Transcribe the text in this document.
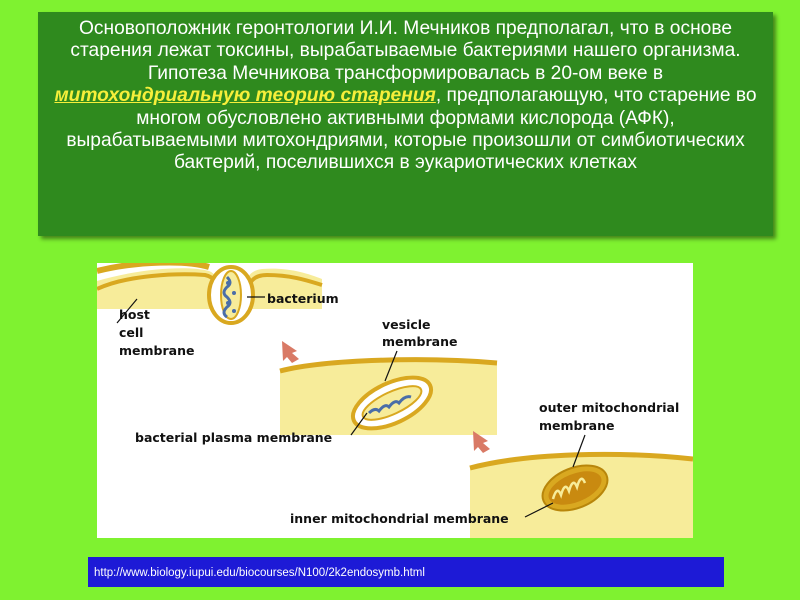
Основоположник геронтологии И.И. Мечников предполагал, что в основе старения лежат токсины, вырабатываемые бактериями нашего организма. Гипотеза Мечникова трансформировалась в 20-ом веке в митохондриальную теорию старения, предполагающую, что старение во многом обусловлено активными формами кислорода (АФК), вырабатываемыми митохондриями, которые произошли от симбиотических бактерий, поселившихся в эукариотических клетках
host
cell
membrane
bacterium
vesicle
membrane
bacterial plasma membrane
outer mitochondrial
membrane
inner mitochondrial membrane
http://www.biology.iupui.edu/biocourses/N100/2k2endosymb.html
